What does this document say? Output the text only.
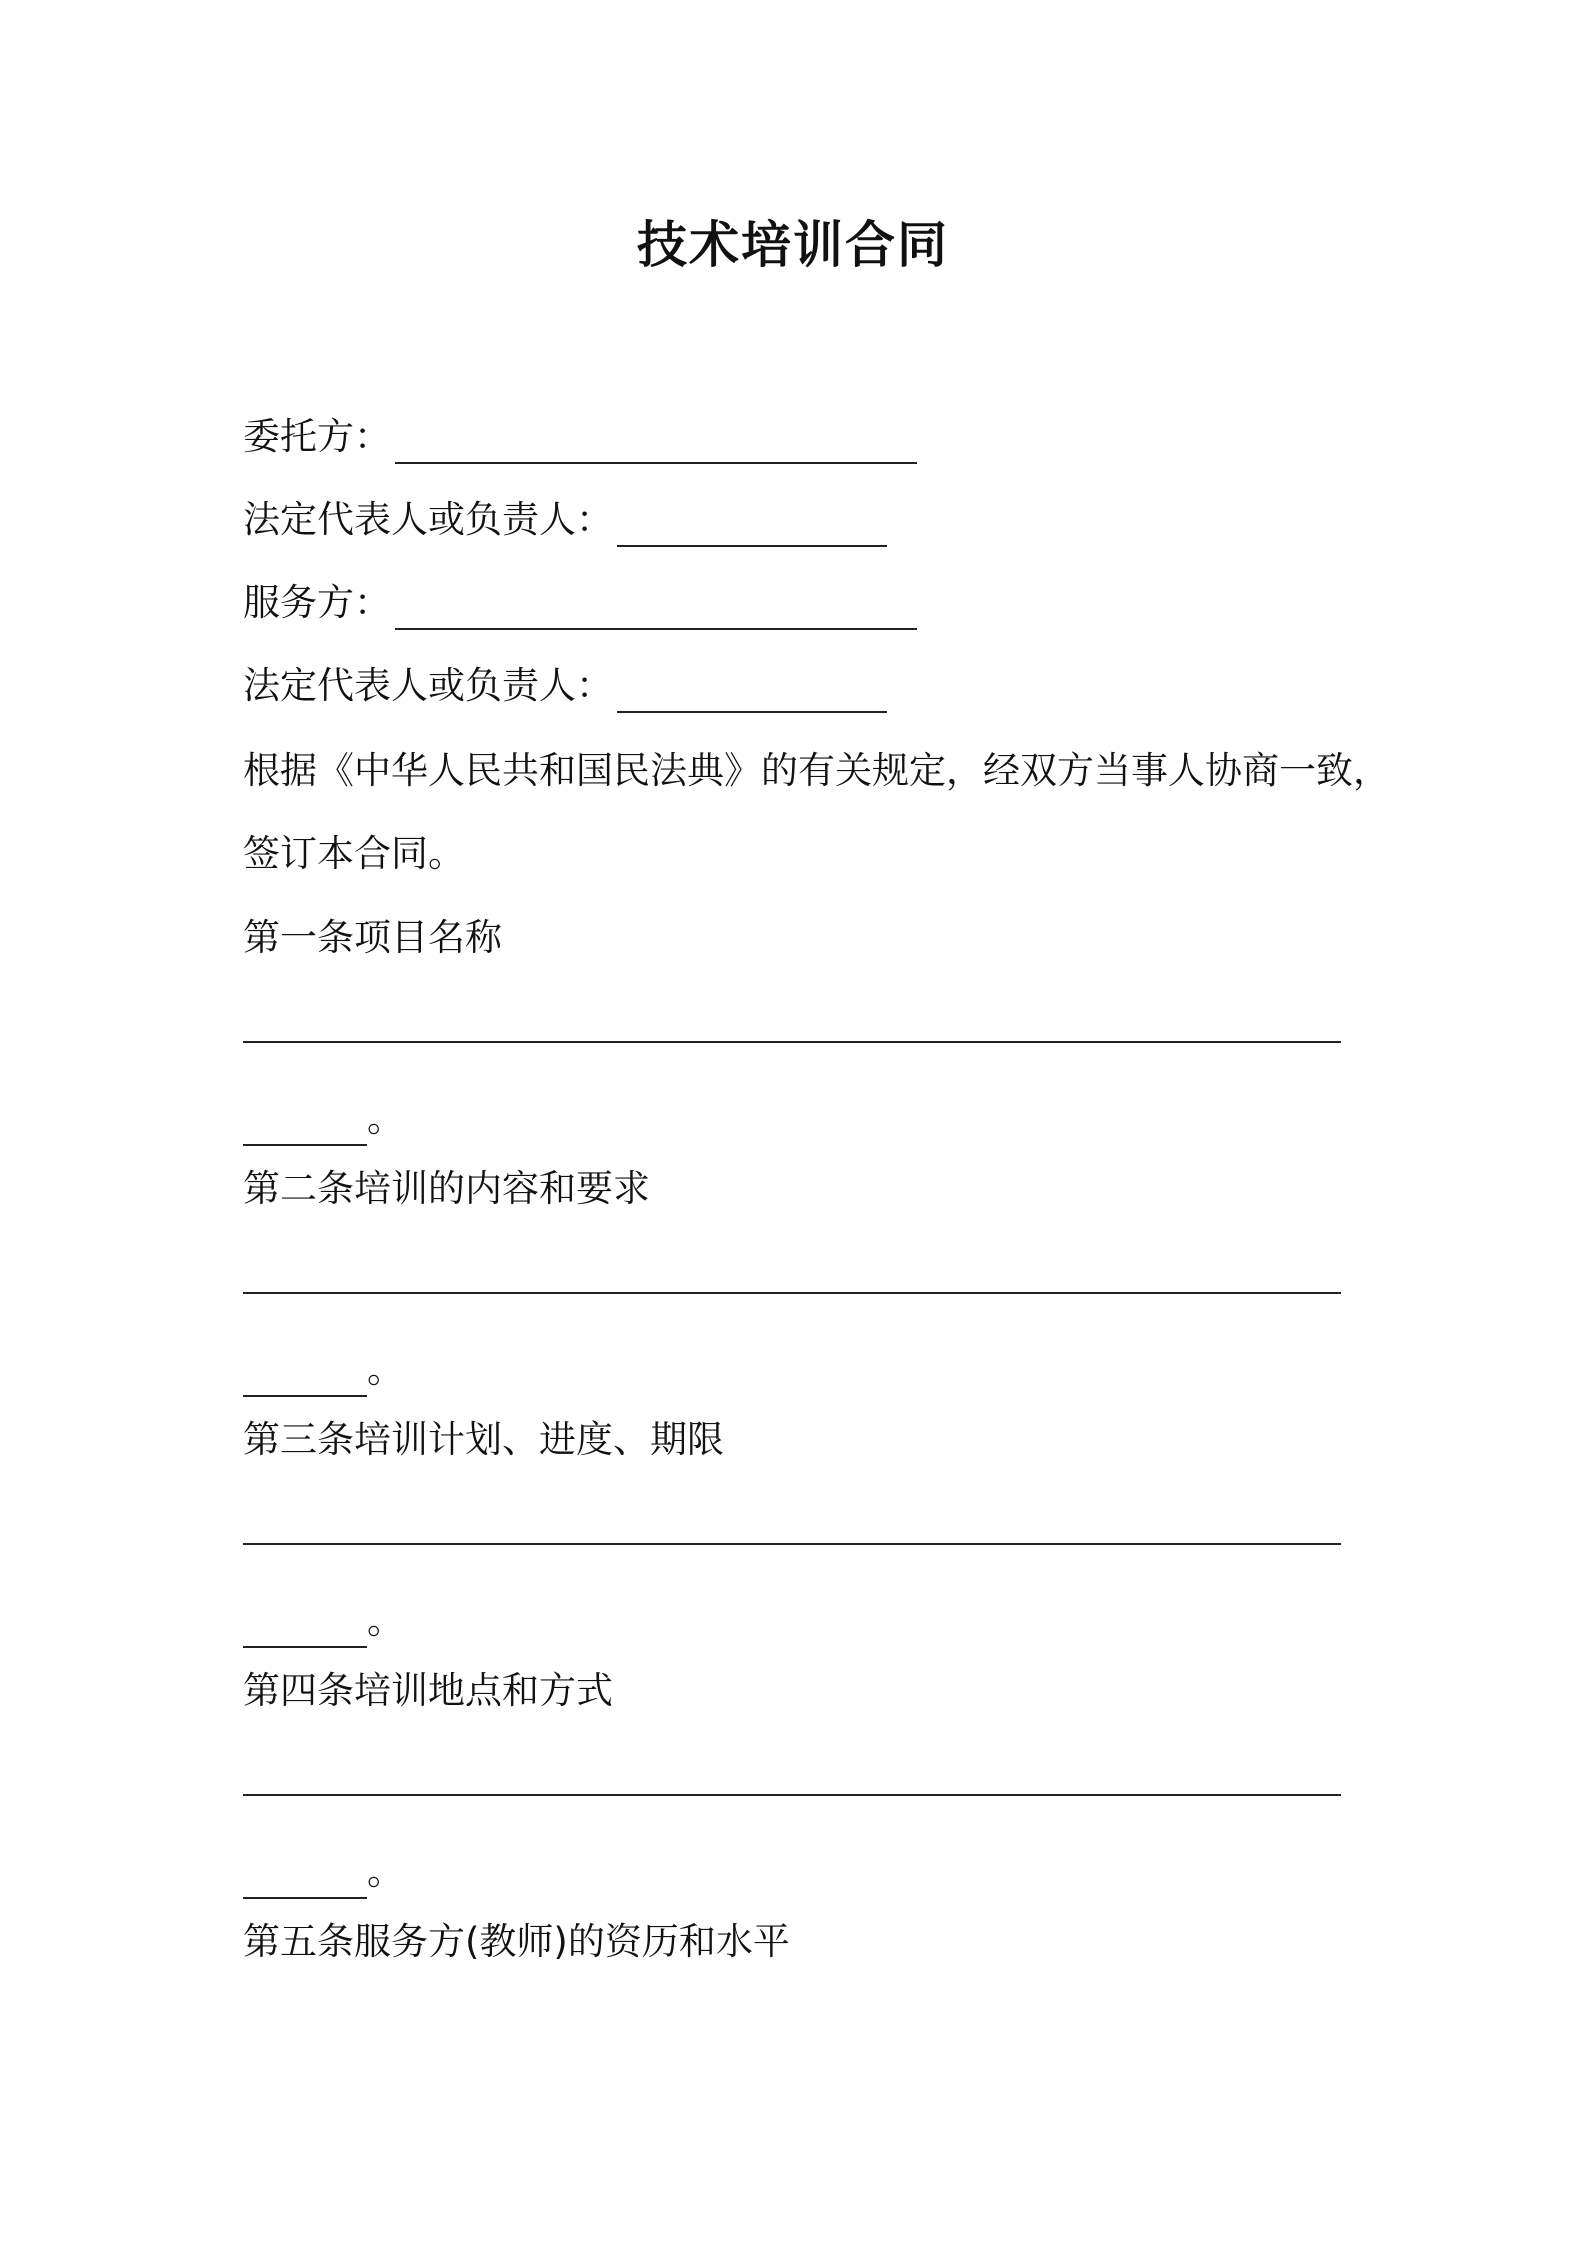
技术培训合同
委托方：
法定代表人或负责人：
服务方：
法定代表人或负责人：
根据《中华人民共和国民法典》的有关规定，经双方当事人协商一致，
签订本合同。
第一条项目名称
。
第二条培训的内容和要求
。
第三条培训计划、进度、期限
。
第四条培训地点和方式
。
第五条服务方(教师)的资历和水平
